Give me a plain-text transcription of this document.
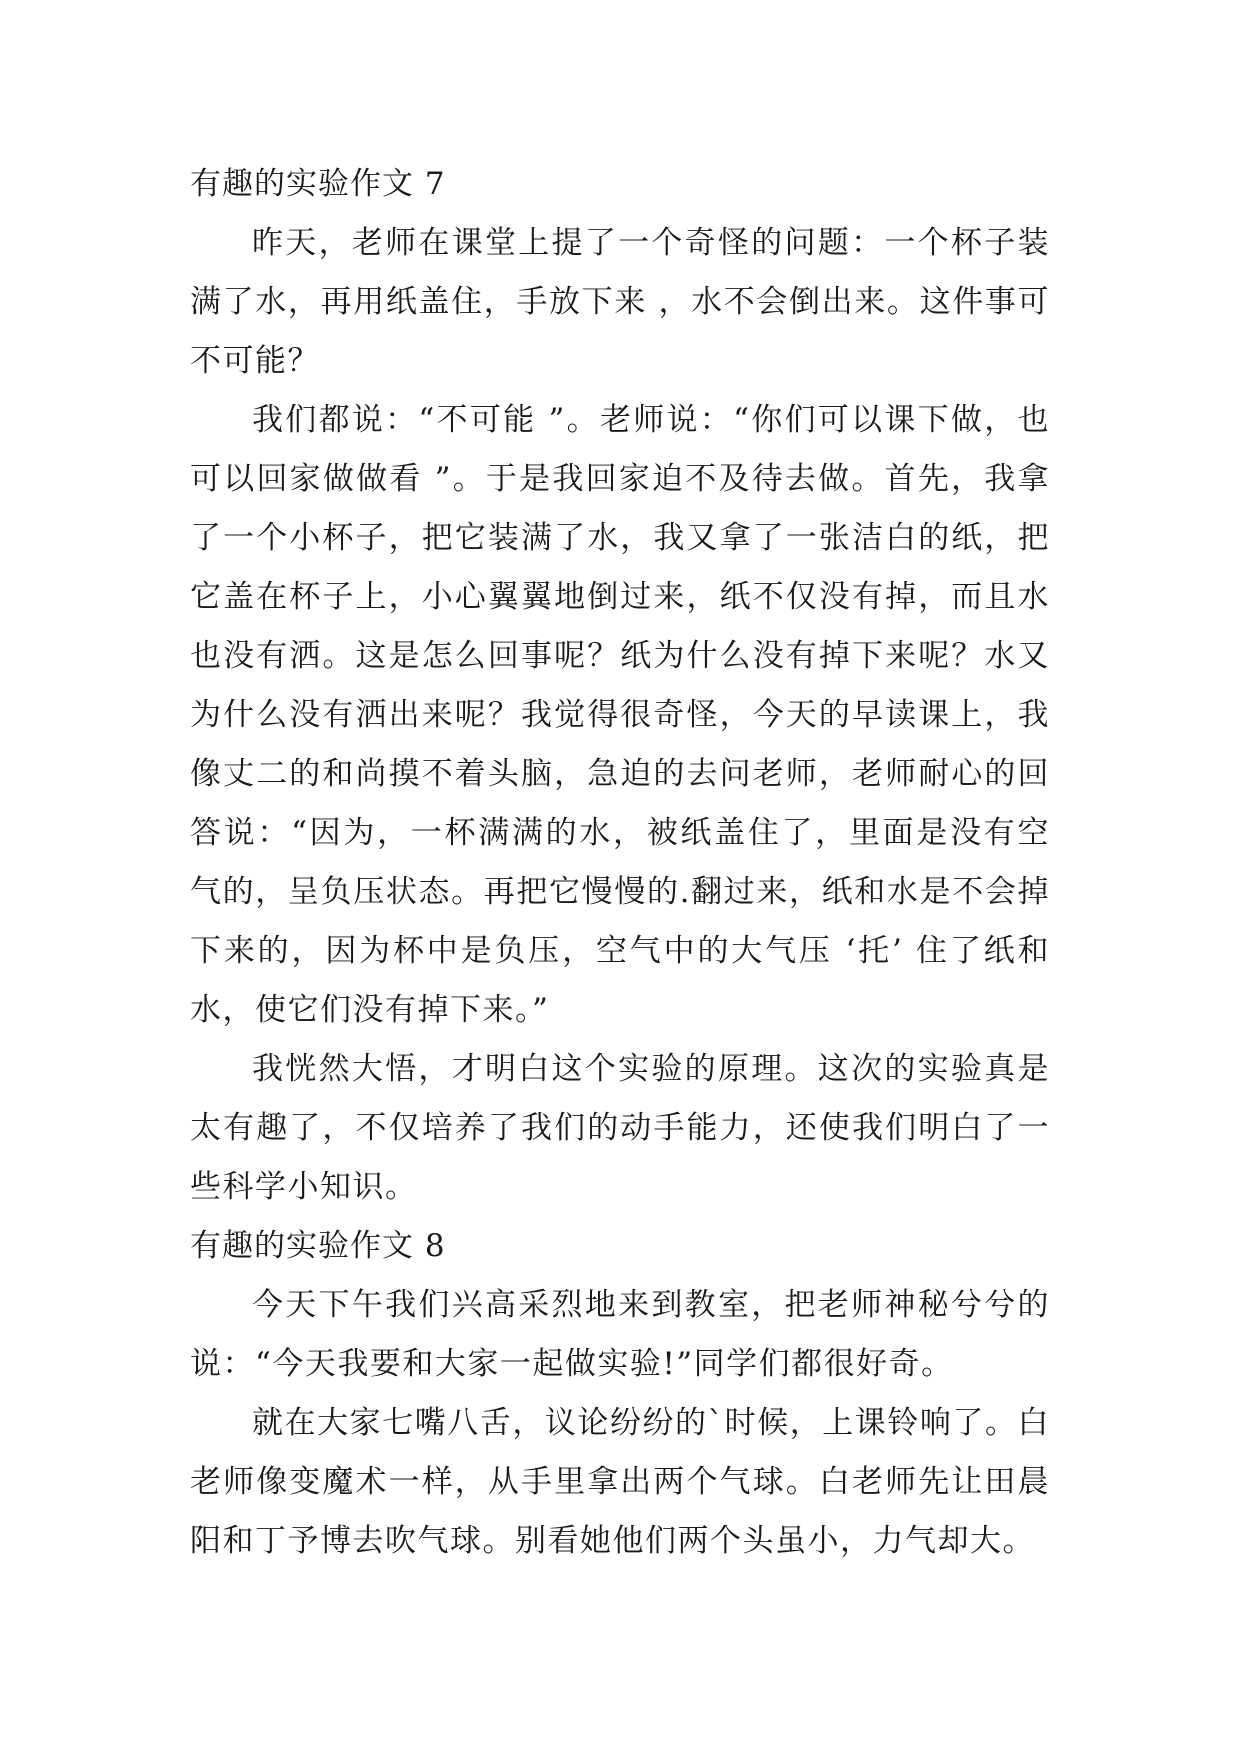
有趣的实验作文 7

昨天，老师在课堂上提了一个奇怪的问题：一个杯子装满了水，再用纸盖住，手放下来 ，水不会倒出来。这件事可不可能？

我们都说：“不可能 ”。老师说：“你们可以课下做，也可以回家做做看 ”。于是我回家迫不及待去做。首先，我拿了一个小杯子，把它装满了水，我又拿了一张洁白的纸，把它盖在杯子上，小心翼翼地倒过来，纸不仅没有掉，而且水也没有洒。这是怎么回事呢？纸为什么没有掉下来呢？水又为什么没有洒出来呢？我觉得很奇怪，今天的早读课上，我像丈二的和尚摸不着头脑，急迫的去问老师，老师耐心的回答说：“因为，一杯满满的水，被纸盖住了，里面是没有空气的，呈负压状态。再把它慢慢的.翻过来，纸和水是不会掉下来的，因为杯中是负压，空气中的大气压 ‘托’ 住了纸和水，使它们没有掉下来。”

我恍然大悟，才明白这个实验的原理。这次的实验真是太有趣了，不仅培养了我们的动手能力，还使我们明白了一些科学小知识。

有趣的实验作文 8

今天下午我们兴高采烈地来到教室，把老师神秘兮兮的说：“今天我要和大家一起做实验!”同学们都很好奇。

就在大家七嘴八舌，议论纷纷的`时候，上课铃响了。白老师像变魔术一样，从手里拿出两个气球。白老师先让田晨阳和丁予博去吹气球。别看她他们两个头虽小，力气却大。
